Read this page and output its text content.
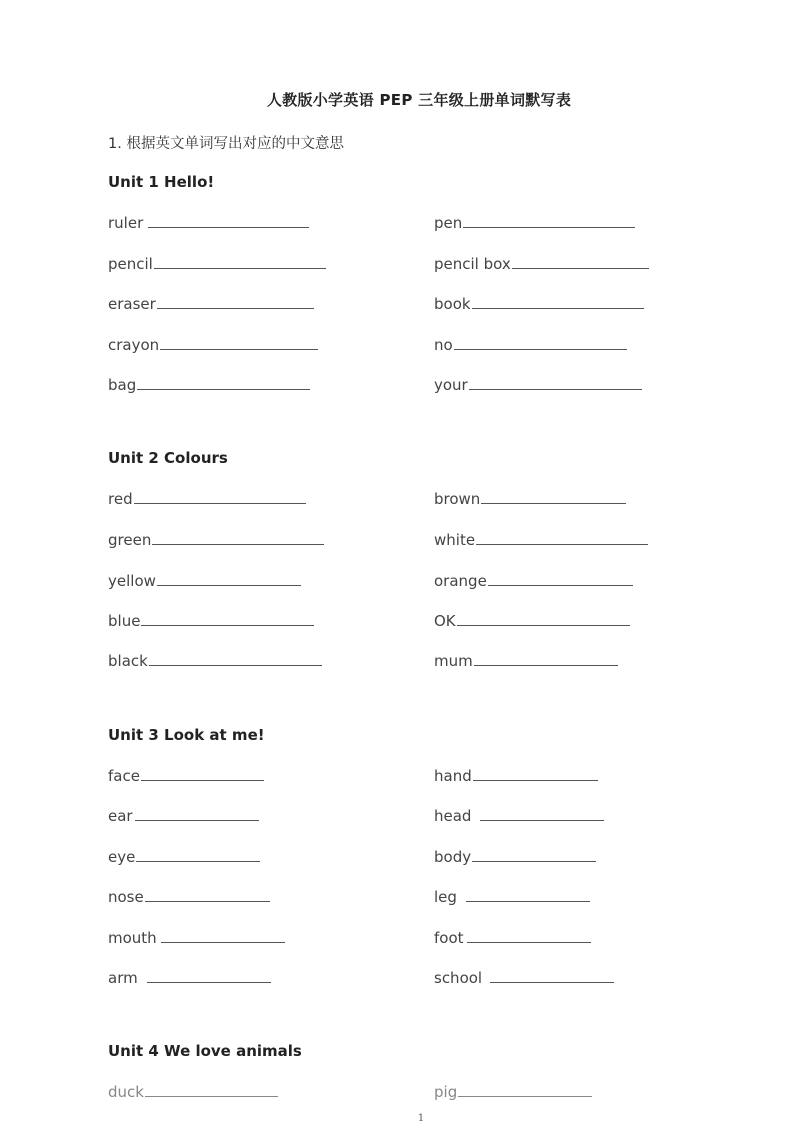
人教版小学英语 PEP 三年级上册单词默写表
1. 根据英文单词写出对应的中文意思
Unit 1 Hello!
ruler
pencil
eraser
crayon
bag
pen
pencil box
book
no
your
Unit 2 Colours
red
green
yellow
blue
black
brown
white
orange
OK
mum
Unit 3 Look at me!
face
ear
eye
nose
mouth
arm
hand
head
body
leg
foot
school
Unit 4 We love animals
duck	pig
1
